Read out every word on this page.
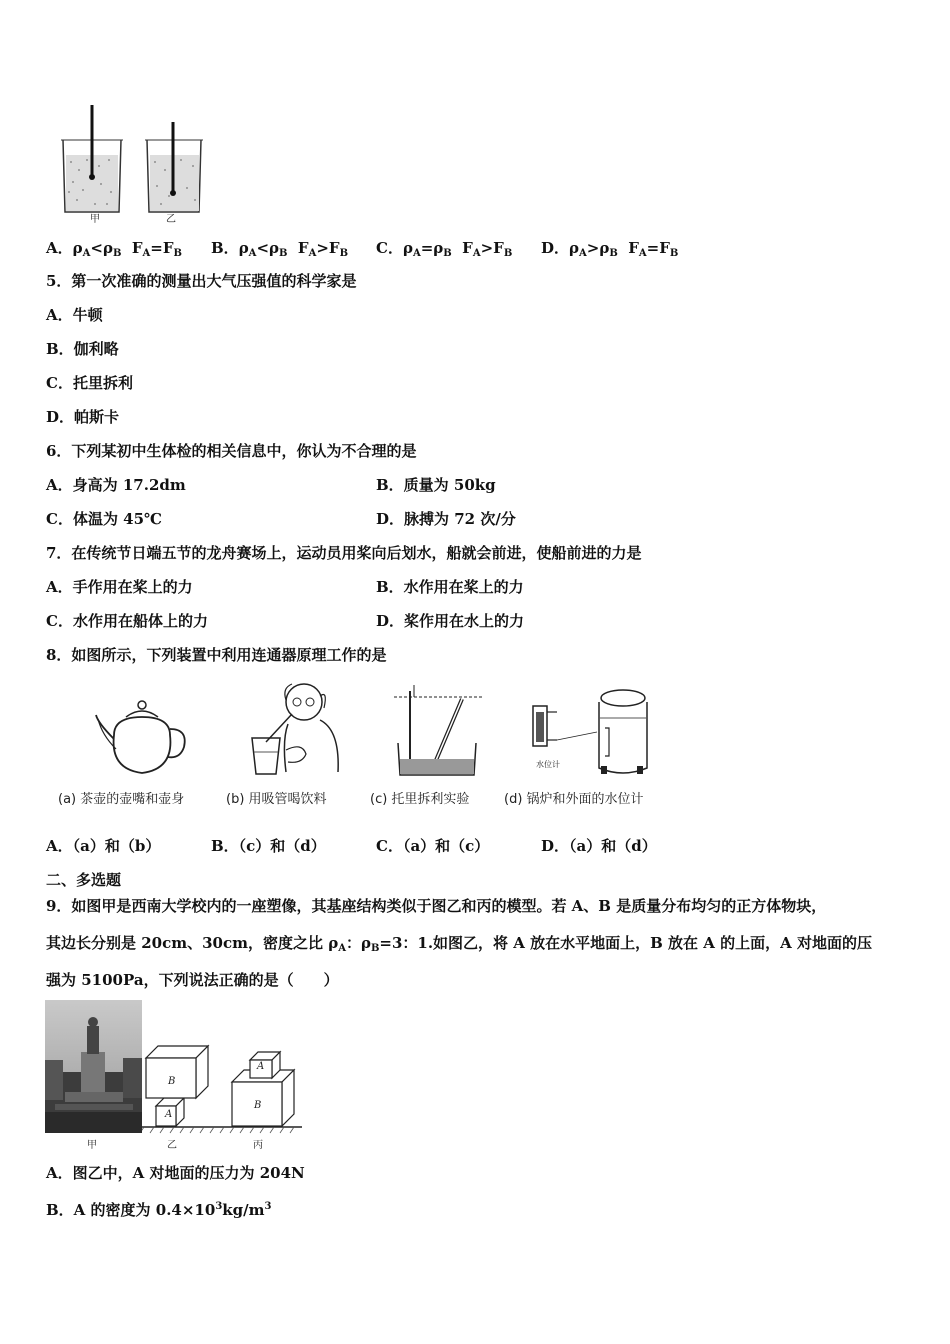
甲	乙
A．$\rho_A<\rho_B$ $F_A=F_B$ B．$\rho_A<\rho_B$ $F_A>F_B$ C．$\rho_A=\rho_B$ $F_A>F_B$ D．$\rho_A>\rho_B$ $F_A=F_B$
5．第一次准确的测量出大气压强值的科学家是
A．牛顿
B．伽利略
C．托里拆利
D．帕斯卡
6．下列某初中生体检的相关信息中，你认为不合理的是
A．身高为 17.2dm	B．质量为 50kg
C．体温为 45℃	D．脉搏为 72 次/分
7．在传统节日端五节的龙舟赛场上，运动员用桨向后划水，船就会前进，使船前进的力是
A．手作用在桨上的力	B．水作用在桨上的力
C．水作用在船体上的力	D．桨作用在水上的力
8．如图所示，下列装置中利用连通器原理工作的是
水位计
(a) 茶壶的壶嘴和壶身	(b) 用吸管喝饮料	(c) 托里拆利实验	(d) 锅炉和外面的水位计
A．（a）和（b）	B．（c）和（d）	C．（a）和（c）	D．（a）和（d）
二、多选题
9．如图甲是西南大学校内的一座塑像，其基座结构类似于图乙和丙的模型。若 A、B 是质量分布均匀的正方体物块，
其边长分别是 20cm、30cm，密度之比 $\rho_A$：$\rho_B=3$：1.如图乙，将 A 放在水平地面上，B 放在 A 的上面，A 对地面的压
强为 5100Pa，下列说法正确的是（　　）
A
B
A
B
甲	乙	丙
A．图乙中，A 对地面的压力为 204N
B．A 的密度为 $0.4\times 10^3kg/m^3$
